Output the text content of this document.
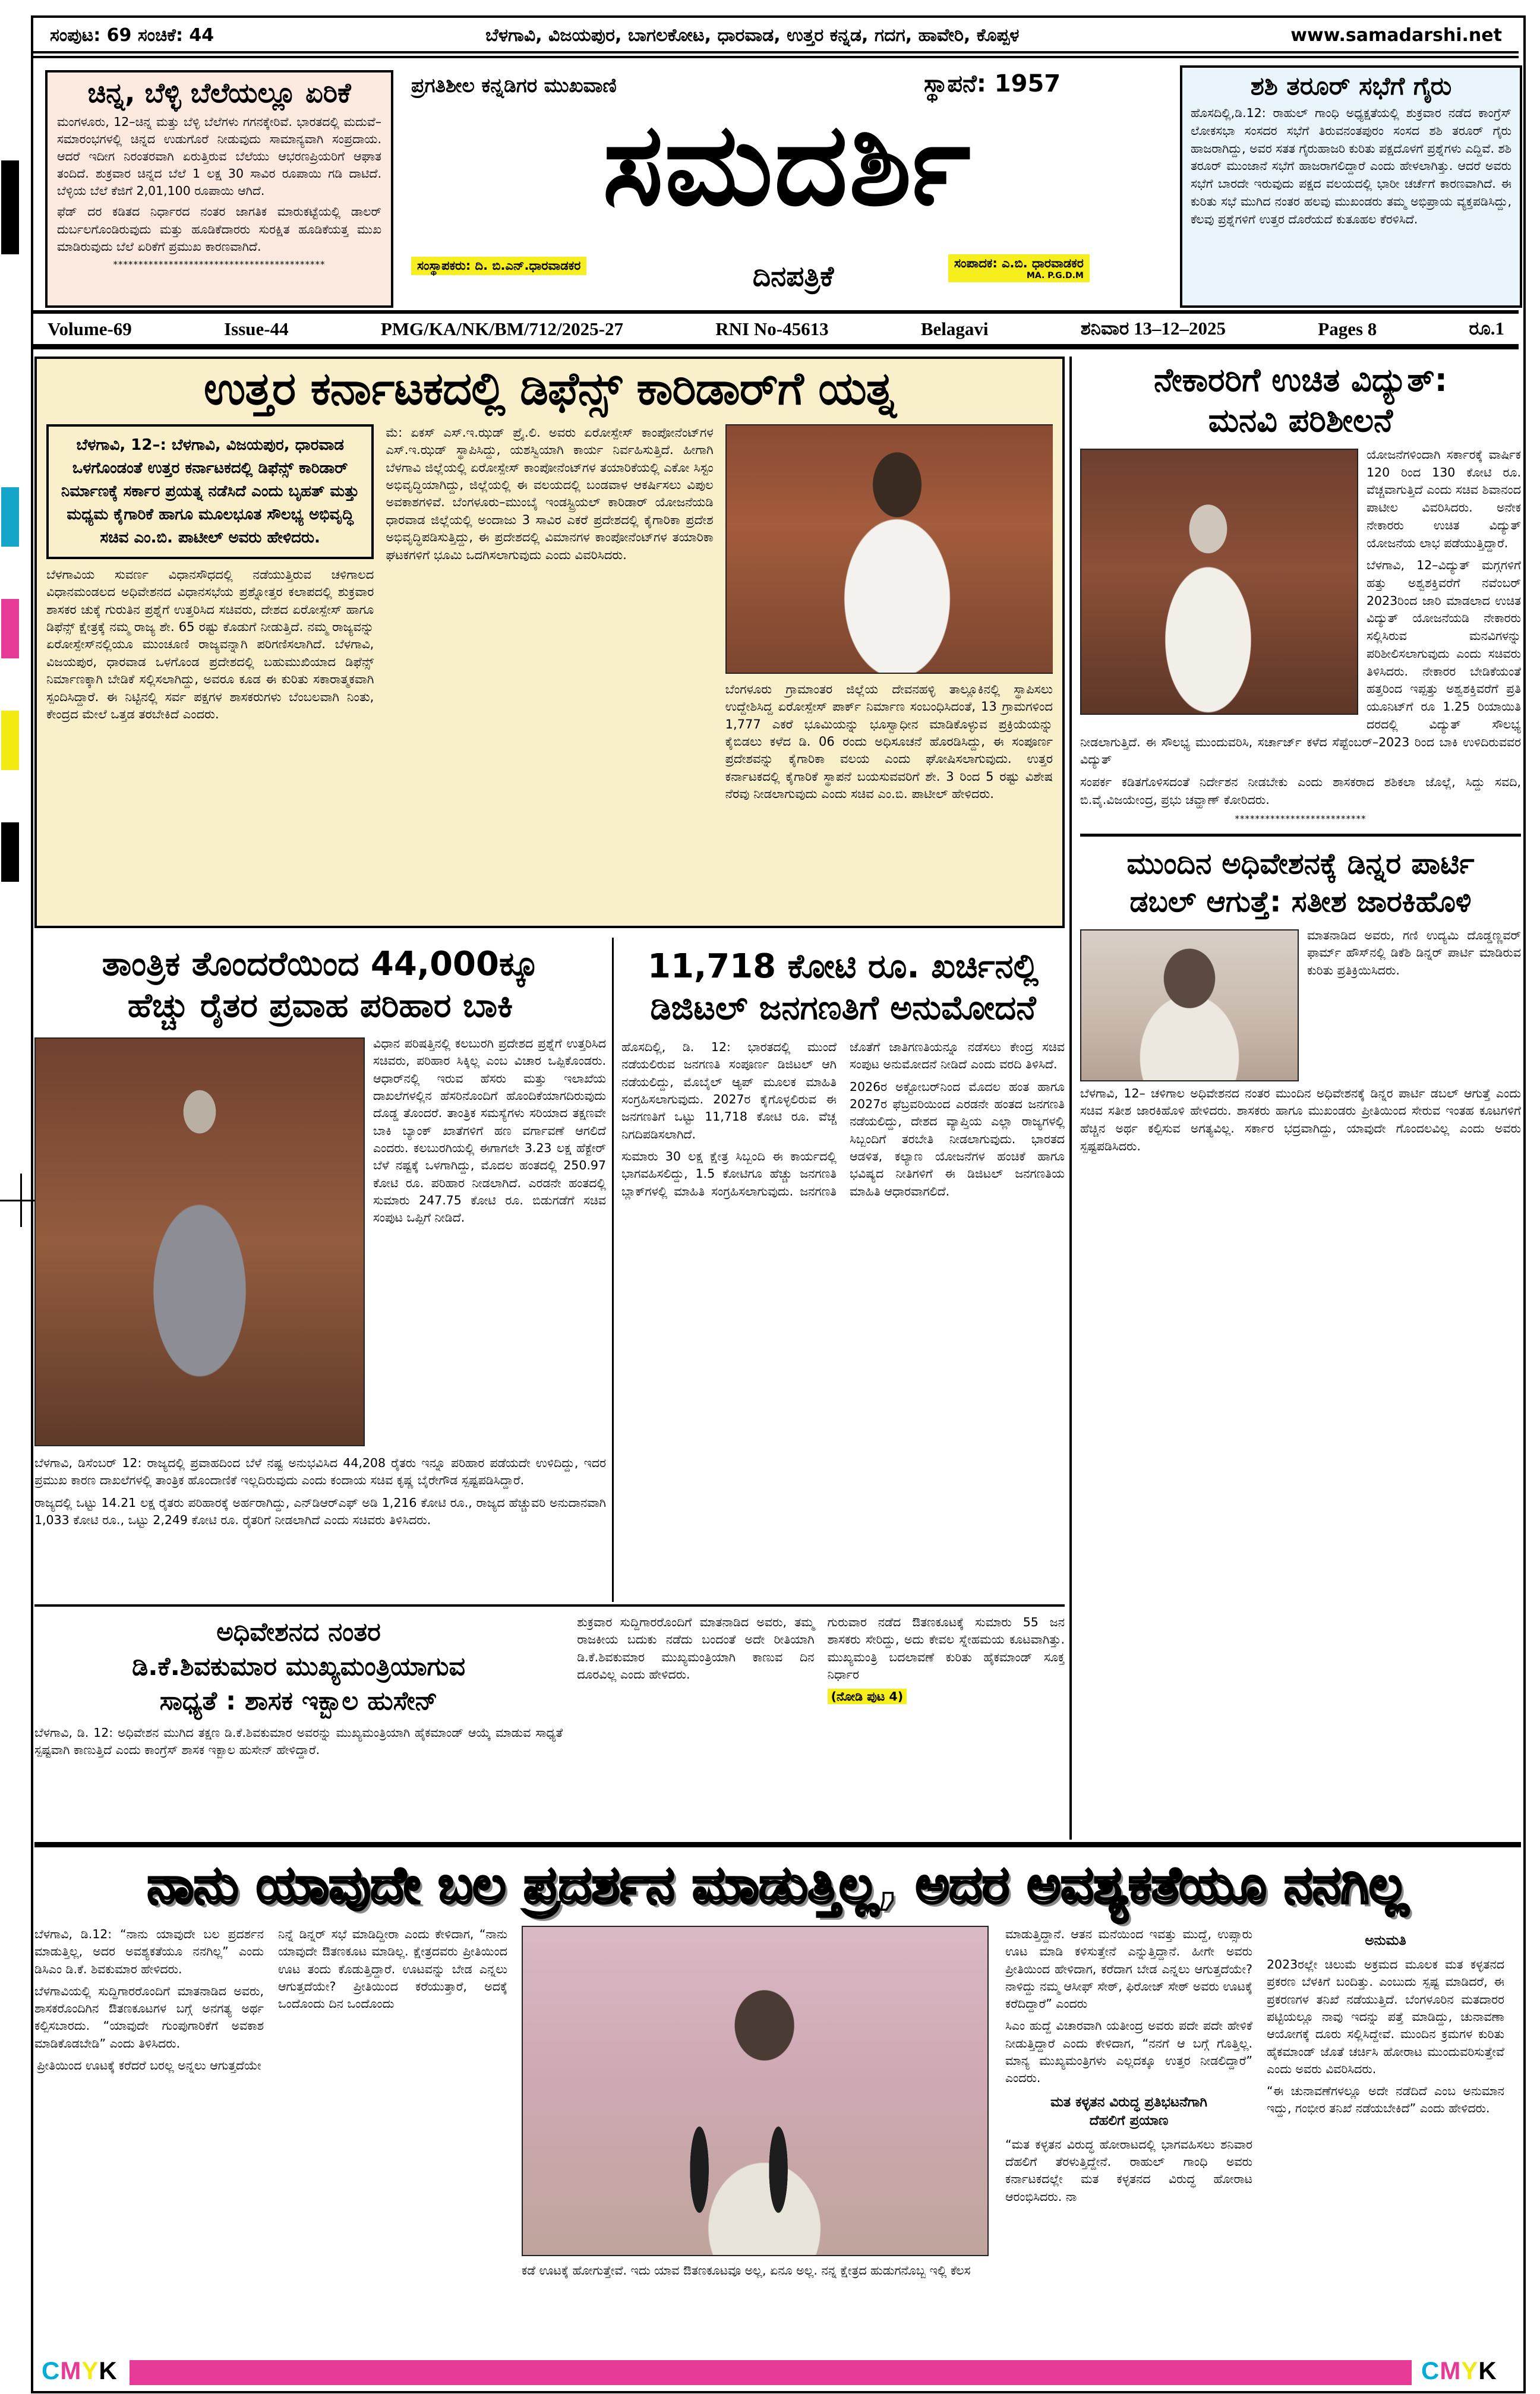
ಸಂಪುಟ: 69 ಸಂಚಿಕೆ: 44	ಬೆಳಗಾವಿ, ವಿಜಯಪುರ, ಬಾಗಲಕೋಟ, ಧಾರವಾಡ, ಉತ್ತರ ಕನ್ನಡ, ಗದಗ, ಹಾವೇರಿ, ಕೊಪ್ಪಳ	www.samadarshi.net
ಚಿನ್ನ, ಬೆಳ್ಳಿ ಬೆಲೆಯಲ್ಲೂ ಏರಿಕೆ

ಮಂಗಳೂರು, 12–ಚಿನ್ನ ಮತ್ತು ಬೆಳ್ಳಿ ಬೆಲೆಗಳು ಗಗನಕ್ಕೇರಿವೆ. ಭಾರತದಲ್ಲಿ ಮದುವೆ– ಸಮಾರಂಭಗಳಲ್ಲಿ ಚಿನ್ನದ ಉಡುಗೊರೆ ನೀಡುವುದು ಸಾಮಾನ್ಯವಾಗಿ ಸಂಪ್ರದಾಯ. ಆದರೆ ಇದೀಗ ನಿರಂತರವಾಗಿ ಏರುತ್ತಿರುವ ಬೆಲೆಯು ಆಭರಣಪ್ರಿಯರಿಗೆ ಆಘಾತ ತಂದಿದೆ. ಶುಕ್ರವಾರ ಚಿನ್ನದ ಬೆಲೆ 1 ಲಕ್ಷ 30 ಸಾವಿರ ರೂಪಾಯಿ ಗಡಿ ದಾಟಿದೆ. ಬೆಳ್ಳಿಯ ಬೆಲೆ ಕೆಜಿಗೆ 2,01,100 ರೂಪಾಯಿ ಆಗಿದೆ.

ಫೆಡ್ ದರ ಕಡಿತದ ನಿರ್ಧಾರದ ನಂತರ ಜಾಗತಿಕ ಮಾರುಕಟ್ಟೆಯಲ್ಲಿ ಡಾಲರ್ ದುರ್ಬಲಗೊಂಡಿರುವುದು ಮತ್ತು ಹೂಡಿಕೆದಾರರು ಸುರಕ್ಷಿತ ಹೂಡಿಕೆಯತ್ತ ಮುಖ ಮಾಡಿರುವುದು ಬೆಲೆ ಏರಿಕೆಗೆ ಪ್ರಮುಖ ಕಾರಣವಾಗಿದೆ.

******************************************
ಪ್ರಗತಿಶೀಲ ಕನ್ನಡಿಗರ ಮುಖವಾಣಿ	ಸ್ಥಾಪನೆ: 1957
ಸಮದರ್ಶಿ
ಸಂಸ್ಥಾಪಕರು: ದಿ. ಬಿ.ಎನ್.ಧಾರವಾಡಕರ	ದಿನಪತ್ರಿಕೆ	ಸಂಪಾದಕ: ಎ.ಬಿ. ಧಾರವಾಡಕರ
MA. P.G.D.M
ಶಶಿ ತರೂರ್ ಸಭೆಗೆ ಗೈರು

ಹೊಸದಿಲ್ಲಿ,ಡಿ.12: ರಾಹುಲ್ ಗಾಂಧಿ ಅಧ್ಯಕ್ಷತೆಯಲ್ಲಿ ಶುಕ್ರವಾರ ನಡೆದ ಕಾಂಗ್ರೆಸ್ ಲೋಕಸಭಾ ಸಂಸದರ ಸಭೆಗೆ ತಿರುವನಂತಪುರಂ ಸಂಸದ ಶಶಿ ತರೂರ್ ಗೈರು ಹಾಜರಾಗಿದ್ದು, ಅವರ ಸತತ ಗೈರುಹಾಜರಿ ಕುರಿತು ಪಕ್ಷದೊಳಗೆ ಪ್ರಶ್ನೆಗಳು ಎದ್ದಿವೆ. ಶಶಿ ತರೂರ್ ಮುಂಜಾನೆ ಸಭೆಗೆ ಹಾಜರಾಗಲಿದ್ದಾರೆ ಎಂದು ಹೇಳಲಾಗಿತ್ತು. ಆದರೆ ಅವರು ಸಭೆಗೆ ಬಾರದೇ ಇರುವುದು ಪಕ್ಷದ ವಲಯದಲ್ಲಿ ಭಾರೀ ಚರ್ಚೆಗೆ ಕಾರಣವಾಗಿದೆ. ಈ ಕುರಿತು ಸಭೆ ಮುಗಿದ ನಂತರ ಹಲವು ಮುಖಂಡರು ತಮ್ಮ ಅಭಿಪ್ರಾಯ ವ್ಯಕ್ತಪಡಿಸಿದ್ದು, ಕೆಲವು ಪ್ರಶ್ನೆಗಳಿಗೆ ಉತ್ತರ ದೊರೆಯದೆ ಕುತೂಹಲ ಕೆರಳಿಸಿದೆ.

Volume-69	Issue-44	PMG/KA/NK/BM/712/2025-27	RNI No-45613	Belagavi	ಶನಿವಾರ 13–12–2025	Pages 8	ರೂ.1
ಉತ್ತರ ಕರ್ನಾಟಕದಲ್ಲಿ ಡಿಫೆನ್ಸ್ ಕಾರಿಡಾರ್‌ಗೆ ಯತ್ನ
ಬೆಳಗಾವಿ, 12–: ಬೆಳಗಾವಿ, ವಿಜಯಪುರ, ಧಾರವಾಡ ಒಳಗೊಂಡಂತೆ ಉತ್ತರ ಕರ್ನಾಟಕದಲ್ಲಿ ಡಿಫೆನ್ಸ್ ಕಾರಿಡಾರ್ ನಿರ್ಮಾಣಕ್ಕೆ ಸರ್ಕಾರ ಪ್ರಯತ್ನ ನಡೆಸಿದೆ ಎಂದು ಬೃಹತ್ ಮತ್ತು ಮಧ್ಯಮ ಕೈಗಾರಿಕೆ ಹಾಗೂ ಮೂಲಭೂತ ಸೌಲಭ್ಯ ಅಭಿವೃದ್ಧಿ ಸಚಿವ ಎಂ.ಬಿ. ಪಾಟೀಲ್ ಅವರು ಹೇಳಿದರು.
ಬೆಳಗಾವಿಯ ಸುವರ್ಣ ವಿಧಾನಸೌಧದಲ್ಲಿ ನಡೆಯುತ್ತಿರುವ ಚಳಿಗಾಲದ ವಿಧಾನಮಂಡಲದ ಅಧಿವೇಶನದ ವಿಧಾನಸಭೆಯ ಪ್ರಶ್ನೋತ್ತರ ಕಲಾಪದಲ್ಲಿ ಶುಕ್ರವಾರ ಶಾಸಕರ ಚುಕ್ಕೆ ಗುರುತಿನ ಪ್ರಶ್ನೆಗೆ ಉತ್ತರಿಸಿದ ಸಚಿವರು, ದೇಶದ ಏರೋಸ್ಪೇಸ್ ಹಾಗೂ ಡಿಫೆನ್ಸ್ ಕ್ಷೇತ್ರಕ್ಕೆ ನಮ್ಮ ರಾಜ್ಯ ಶೇ. 65 ರಷ್ಟು ಕೊಡುಗೆ ನೀಡುತ್ತಿದೆ. ನಮ್ಮ ರಾಜ್ಯವನ್ನು ಏರೋಸ್ಪೇಸ್‌ನಲ್ಲಿಯೂ ಮುಂಚೂಣಿ ರಾಜ್ಯವನ್ನಾಗಿ ಪರಿಗಣಿಸಲಾಗಿದೆ. ಬೆಳಗಾವಿ, ವಿಜಯಪುರ, ಧಾರವಾಡ ಒಳಗೊಂಡ ಪ್ರದೇಶದಲ್ಲಿ ಬಹುಮುಖಿಯಾದ ಡಿಫೆನ್ಸ್ ನಿರ್ಮಾಣಕ್ಕಾಗಿ ಬೇಡಿಕೆ ಸಲ್ಲಿಸಲಾಗಿದ್ದು, ಅವರೂ ಕೂಡ ಈ ಕುರಿತು ಸಕಾರಾತ್ಮಕವಾಗಿ ಸ್ಪಂದಿಸಿದ್ದಾರೆ. ಈ ನಿಟ್ಟಿನಲ್ಲಿ ಸರ್ವ ಪಕ್ಷಗಳ ಶಾಸಕರುಗಳು ಬೆಂಬಲವಾಗಿ ನಿಂತು, ಕೇಂದ್ರದ ಮೇಲೆ ಒತ್ತಡ ತರಬೇಕಿದೆ ಎಂದರು.
ಮೆ: ಏಕಸ್ ಎಸ್.ಇ.ಝಡ್ ಪ್ರೈ.ಲಿ. ಅವರು ಏರೋಸ್ಪೇಸ್ ಕಾಂಪೋನೆಂಟ್‌ಗಳ ಎಸ್.ಇ.ಝಡ್ ಸ್ಥಾಪಿಸಿದ್ದು, ಯಶಸ್ವಿಯಾಗಿ ಕಾರ್ಯ ನಿರ್ವಹಿಸುತ್ತಿದೆ. ಹೀಗಾಗಿ ಬೆಳಗಾವಿ ಜಿಲ್ಲೆಯಲ್ಲಿ ಏರೋಸ್ಪೇಸ್ ಕಾಂಪೋನೆಂಟ್‌ಗಳ ತಯಾರಿಕೆಯಲ್ಲಿ ಎಕೋ ಸಿಸ್ಟಂ ಅಭಿವೃದ್ಧಿಯಾಗಿದ್ದು, ಜಿಲ್ಲೆಯಲ್ಲಿ ಈ ವಲಯದಲ್ಲಿ ಬಂಡವಾಳ ಆಕರ್ಷಿಸಲು ವಿಪುಲ ಅವಕಾಶಗಳಿವೆ. ಬೆಂಗಳೂರು–ಮುಂಬೈ ಇಂಡಸ್ಟ್ರಿಯಲ್ ಕಾರಿಡಾರ್ ಯೋಜನೆಯಡಿ ಧಾರವಾಡ ಜಿಲ್ಲೆಯಲ್ಲಿ ಅಂದಾಜು 3 ಸಾವಿರ ಎಕರೆ ಪ್ರದೇಶದಲ್ಲಿ ಕೈಗಾರಿಕಾ ಪ್ರದೇಶ ಅಭಿವೃದ್ಧಿಪಡಿಸುತ್ತಿದ್ದು, ಈ ಪ್ರದೇಶದಲ್ಲಿ ವಿಮಾನಗಳ ಕಾಂಪೋನೆಂಟ್‌ಗಳ ತಯಾರಿಕಾ ಘಟಕಗಳಿಗೆ ಭೂಮಿ ಒದಗಿಸಲಾಗುವುದು ಎಂದು ವಿವರಿಸಿದರು.
ಬೆಂಗಳೂರು ಗ್ರಾಮಾಂತರ ಜಿಲ್ಲೆಯ ದೇವನಹಳ್ಳಿ ತಾಲ್ಲೂಕಿನಲ್ಲಿ ಸ್ಥಾಪಿಸಲು ಉದ್ದೇಶಿಸಿದ್ದ ಏರೋಸ್ಪೇಸ್ ಪಾರ್ಕ್ ನಿರ್ಮಾಣ ಸಂಬಂಧಿಸಿದಂತೆ, 13 ಗ್ರಾಮಗಳಿಂದ 1,777 ಎಕರೆ ಭೂಮಿಯನ್ನು ಭೂಸ್ವಾಧೀನ ಮಾಡಿಕೊಳ್ಳುವ ಪ್ರಕ್ರಿಯೆಯನ್ನು ಕೈಬಿಡಲು ಕಳೆದ ಡಿ. 06 ರಂದು ಅಧಿಸೂಚನೆ ಹೊರಡಿಸಿದ್ದು, ಈ ಸಂಪೂರ್ಣ ಪ್ರದೇಶವನ್ನು ಕೈಗಾರಿಕಾ ವಲಯ ಎಂದು ಘೋಷಿಸಲಾಗುವುದು. ಉತ್ತರ ಕರ್ನಾಟಕದಲ್ಲಿ ಕೈಗಾರಿಕೆ ಸ್ಥಾಪನೆ ಬಯಸುವವರಿಗೆ ಶೇ. 3 ರಿಂದ 5 ರಷ್ಟು ವಿಶೇಷ ನೆರವು ನೀಡಲಾಗುವುದು ಎಂದು ಸಚಿವ ಎಂ.ಬಿ. ಪಾಟೀಲ್ ಹೇಳಿದರು.
ನೇಕಾರರಿಗೆ ಉಚಿತ ವಿದ್ಯುತ್:
ಮನವಿ ಪರಿಶೀಲನೆ

ಯೋಜನೆಗಳಿಂದಾಗಿ ಸರ್ಕಾರಕ್ಕೆ ವಾರ್ಷಿಕ 120 ರಿಂದ 130 ಕೋಟಿ ರೂ. ವೆಚ್ಚವಾಗುತ್ತಿದೆ ಎಂದು ಸಚಿವ ಶಿವಾನಂದ ಪಾಟೀಲ ವಿವರಿಸಿದರು. ಅನೇಕ ನೇಕಾರರು ಉಚಿತ ವಿದ್ಯುತ್ ಯೋಜನೆಯ ಲಾಭ ಪಡೆಯುತ್ತಿದ್ದಾರೆ.

ಬೆಳಗಾವಿ, 12–ವಿದ್ಯುತ್ ಮಗ್ಗಗಳಿಗೆ ಹತ್ತು ಅಶ್ವಶಕ್ತಿವರೆಗೆ ನವೆಂಬರ್ 2023ರಿಂದ ಜಾರಿ ಮಾಡಲಾದ ಉಚಿತ ವಿದ್ಯುತ್ ಯೋಜನೆಯಡಿ ನೇಕಾರರು ಸಲ್ಲಿಸಿರುವ ಮನವಿಗಳನ್ನು ಪರಿಶೀಲಿಸಲಾಗುವುದು ಎಂದು ಸಚಿವರು ತಿಳಿಸಿದರು. ನೇಕಾರರ ಬೇಡಿಕೆಯಂತೆ ಹತ್ತರಿಂದ ಇಪ್ಪತ್ತು ಅಶ್ವಶಕ್ತಿವರೆಗೆ ಪ್ರತಿ ಯೂನಿಟ್‌ಗೆ ರೂ 1.25 ರಿಯಾಯಿತಿ ದರದಲ್ಲಿ ವಿದ್ಯುತ್ ಸೌಲಭ್ಯ ನೀಡಲಾಗುತ್ತಿದೆ. ಈ ಸೌಲಭ್ಯ ಮುಂದುವರಿಸಿ, ಸರ್ಚಾರ್ಜ್ ಕಳೆದ ಸೆಪ್ಟೆಂಬರ್–2023 ರಿಂದ ಬಾಕಿ ಉಳಿದಿರುವವರ ವಿದ್ಯುತ್

ಸಂಪರ್ಕ ಕಡಿತಗೊಳಿಸದಂತೆ ನಿರ್ದೇಶನ ನೀಡಬೇಕು ಎಂದು ಶಾಸಕರಾದ ಶಶಿಕಲಾ ಜೊಲ್ಲೆ, ಸಿದ್ದು ಸವದಿ, ಬಿ.ವೈ.ವಿಜಯೇಂದ್ರ, ಪ್ರಭು ಚವ್ಹಾಣ್ ಕೋರಿದರು.

**************************
ಮುಂದಿನ ಅಧಿವೇಶನಕ್ಕೆ ಡಿನ್ನರ ಪಾರ್ಟಿ
ಡಬಲ್ ಆಗುತ್ತೆ: ಸತೀಶ ಜಾರಕಿಹೊಳಿ

ಮಾತನಾಡಿದ ಅವರು, ಗಣಿ ಉದ್ಯಮಿ ದೊಡ್ಡಣ್ಣವರ್ ಫಾರ್ಮ್ ಹೌಸ್‌ನಲ್ಲಿ ಡಿಕೆಶಿ ಡಿನ್ನರ್ ಪಾರ್ಟಿ ಮಾಡಿರುವ ಕುರಿತು ಪ್ರತಿಕ್ರಿಯಿಸಿದರು.

ಬೆಳಗಾವಿ, 12– ಚಳಿಗಾಲ ಅಧಿವೇಶನದ ನಂತರ ಮುಂದಿನ ಅಧಿವೇಶನಕ್ಕೆ ಡಿನ್ನರ ಪಾರ್ಟಿ ಡಬಲ್ ಆಗುತ್ತೆ ಎಂದು ಸಚಿವ ಸತೀಶ ಜಾರಕಿಹೊಳಿ ಹೇಳಿದರು. ಶಾಸಕರು ಹಾಗೂ ಮುಖಂಡರು ಪ್ರೀತಿಯಿಂದ ಸೇರುವ ಇಂತಹ ಕೂಟಗಳಿಗೆ ಹೆಚ್ಚಿನ ಅರ್ಥ ಕಲ್ಪಿಸುವ ಅಗತ್ಯವಿಲ್ಲ. ಸರ್ಕಾರ ಭದ್ರವಾಗಿದ್ದು, ಯಾವುದೇ ಗೊಂದಲವಿಲ್ಲ ಎಂದು ಅವರು ಸ್ಪಷ್ಟಪಡಿಸಿದರು.

ತಾಂತ್ರಿಕ ತೊಂದರೆಯಿಂದ 44,000ಕ್ಕೂ
ಹೆಚ್ಚು ರೈತರ ಪ್ರವಾಹ ಪರಿಹಾರ ಬಾಕಿ

ವಿಧಾನ ಪರಿಷತ್ತಿನಲ್ಲಿ ಕಲಬುರಗಿ ಪ್ರದೇಶದ ಪ್ರಶ್ನೆಗೆ ಉತ್ತರಿಸಿದ ಸಚಿವರು, ಪರಿಹಾರ ಸಿಕ್ಕಿಲ್ಲ ಎಂಬ ವಿಚಾರ ಒಪ್ಪಿಕೊಂಡರು. ಆಧಾರ್‌ನಲ್ಲಿ ಇರುವ ಹೆಸರು ಮತ್ತು ಇಲಾಖೆಯ ದಾಖಲೆಗಳಲ್ಲಿನ ಹೆಸರಿನೊಂದಿಗೆ ಹೊಂದಿಕೆಯಾಗದಿರುವುದು ದೊಡ್ಡ ತೊಂದರೆ. ತಾಂತ್ರಿಕ ಸಮಸ್ಯೆಗಳು ಸರಿಯಾದ ತಕ್ಷಣವೇ ಬಾಕಿ ಬ್ಯಾಂಕ್ ಖಾತೆಗಳಿಗೆ ಹಣ ವರ್ಗಾವಣೆ ಆಗಲಿದೆ ಎಂದರು. ಕಲಬುರಗಿಯಲ್ಲಿ ಈಗಾಗಲೇ 3.23 ಲಕ್ಷ ಹೆಕ್ಟೇರ್ ಬೆಳೆ ನಷ್ಟಕ್ಕೆ ಒಳಗಾಗಿದ್ದು, ಮೊದಲ ಹಂತದಲ್ಲಿ 250.97 ಕೋಟಿ ರೂ. ಪರಿಹಾರ ನೀಡಲಾಗಿದೆ. ಎರಡನೇ ಹಂತದಲ್ಲಿ ಸುಮಾರು 247.75 ಕೋಟಿ ರೂ. ಬಿಡುಗಡೆಗೆ ಸಚಿವ ಸಂಪುಟ ಒಪ್ಪಿಗೆ ನೀಡಿದೆ.

ಬೆಳಗಾವಿ, ಡಿಸೆಂಬರ್ 12: ರಾಜ್ಯದಲ್ಲಿ ಪ್ರವಾಹದಿಂದ ಬೆಳೆ ನಷ್ಟ ಅನುಭವಿಸಿದ 44,208 ರೈತರು ಇನ್ನೂ ಪರಿಹಾರ ಪಡೆಯದೇ ಉಳಿದಿದ್ದು, ಇದರ ಪ್ರಮುಖ ಕಾರಣ ದಾಖಲೆಗಳಲ್ಲಿ ತಾಂತ್ರಿಕ ಹೊಂದಾಣಿಕೆ ಇಲ್ಲದಿರುವುದು ಎಂದು ಕಂದಾಯ ಸಚಿವ ಕೃಷ್ಣ ಬೈರೇಗೌಡ ಸ್ಪಷ್ಟಪಡಿಸಿದ್ದಾರೆ.

ರಾಜ್ಯದಲ್ಲಿ ಒಟ್ಟು 14.21 ಲಕ್ಷ ರೈತರು ಪರಿಹಾರಕ್ಕೆ ಅರ್ಹರಾಗಿದ್ದು, ಎನ್‌ಡಿಆರ್‌ಎಫ್ ಅಡಿ 1,216 ಕೋಟಿ ರೂ., ರಾಜ್ಯದ ಹೆಚ್ಚುವರಿ ಅನುದಾನವಾಗಿ 1,033 ಕೋಟಿ ರೂ., ಒಟ್ಟು 2,249 ಕೋಟಿ ರೂ. ರೈತರಿಗೆ ನೀಡಲಾಗಿದೆ ಎಂದು ಸಚಿವರು ತಿಳಿಸಿದರು.

11,718 ಕೋಟಿ ರೂ. ಖರ್ಚಿನಲ್ಲಿ
ಡಿಜಿಟಲ್ ಜನಗಣತಿಗೆ ಅನುಮೋದನೆ

ಹೊಸದಿಲ್ಲಿ, ಡಿ. 12: ಭಾರತದಲ್ಲಿ ಮುಂದೆ ನಡೆಯಲಿರುವ ಜನಗಣತಿ ಸಂಪೂರ್ಣ ಡಿಜಿಟಲ್ ಆಗಿ ನಡೆಯಲಿದ್ದು, ಮೊಬೈಲ್ ಆ್ಯಪ್ ಮೂಲಕ ಮಾಹಿತಿ ಸಂಗ್ರಹಿಸಲಾಗುವುದು. 2027ರ ಕೈಗೊಳ್ಳಲಿರುವ ಈ ಜನಗಣತಿಗೆ ಒಟ್ಟು 11,718 ಕೋಟಿ ರೂ. ವೆಚ್ಚ ನಿಗದಿಪಡಿಸಲಾಗಿದೆ.

ಸುಮಾರು 30 ಲಕ್ಷ ಕ್ಷೇತ್ರ ಸಿಬ್ಬಂದಿ ಈ ಕಾರ್ಯದಲ್ಲಿ ಭಾಗವಹಿಸಲಿದ್ದು, 1.5 ಕೋಟಿಗೂ ಹೆಚ್ಚು ಜನಗಣತಿ ಬ್ಲಾಕ್‌ಗಳಲ್ಲಿ ಮಾಹಿತಿ ಸಂಗ್ರಹಿಸಲಾಗುವುದು. ಜನಗಣತಿ ಜೊತೆಗೆ ಜಾತಿಗಣತಿಯನ್ನೂ ನಡೆಸಲು ಕೇಂದ್ರ ಸಚಿವ ಸಂಪುಟ ಅನುಮೋದನೆ ನೀಡಿದೆ ಎಂದು ವರದಿ ತಿಳಿಸಿದೆ.

2026ರ ಅಕ್ಟೋಬರ್‌ನಿಂದ ಮೊದಲ ಹಂತ ಹಾಗೂ 2027ರ ಫೆಬ್ರವರಿಯಿಂದ ಎರಡನೇ ಹಂತದ ಜನಗಣತಿ ನಡೆಯಲಿದ್ದು, ದೇಶದ ವ್ಯಾಪ್ತಿಯ ಎಲ್ಲಾ ರಾಜ್ಯಗಳಲ್ಲಿ ಸಿಬ್ಬಂದಿಗೆ ತರಬೇತಿ ನೀಡಲಾಗುವುದು. ಭಾರತದ ಆಡಳಿತ, ಕಲ್ಯಾಣ ಯೋಜನೆಗಳ ಹಂಚಿಕೆ ಹಾಗೂ ಭವಿಷ್ಯದ ನೀತಿಗಳಿಗೆ ಈ ಡಿಜಿಟಲ್ ಜನಗಣತಿಯ ಮಾಹಿತಿ ಆಧಾರವಾಗಲಿದೆ.

ಅಧಿವೇಶನದ ನಂತರ
ಡಿ.ಕೆ.ಶಿವಕುಮಾರ ಮುಖ್ಯಮಂತ್ರಿಯಾಗುವ
ಸಾಧ್ಯತೆ : ಶಾಸಕ ಇಕ್ಬಾಲ ಹುಸೇನ್

ಬೆಳಗಾವಿ, ಡಿ. 12: ಅಧಿವೇಶನ ಮುಗಿದ ತಕ್ಷಣ ಡಿ.ಕೆ.ಶಿವಕುಮಾರ ಅವರನ್ನು ಮುಖ್ಯಮಂತ್ರಿಯಾಗಿ ಹೈಕಮಾಂಡ್ ಆಯ್ಕೆ ಮಾಡುವ ಸಾಧ್ಯತೆ ಸ್ಪಷ್ಟವಾಗಿ ಕಾಣುತ್ತಿದೆ ಎಂದು ಕಾಂಗ್ರೆಸ್ ಶಾಸಕ ಇಕ್ಬಾಲ ಹುಸೇನ್ ಹೇಳಿದ್ದಾರೆ.

ಶುಕ್ರವಾರ ಸುದ್ದಿಗಾರರೊಂದಿಗೆ ಮಾತನಾಡಿದ ಅವರು, ತಮ್ಮ ರಾಜಕೀಯ ಬದುಕು ನಡೆದು ಬಂದಂತೆ ಅದೇ ರೀತಿಯಾಗಿ ಡಿ.ಕೆ.ಶಿವಕುಮಾರ ಮುಖ್ಯಮಂತ್ರಿಯಾಗಿ ಕಾಣುವ ದಿನ ದೂರವಿಲ್ಲ ಎಂದು ಹೇಳಿದರು.

ಗುರುವಾರ ನಡೆದ ಔತಣಕೂಟಕ್ಕೆ ಸುಮಾರು 55 ಜನ ಶಾಸಕರು ಸೇರಿದ್ದು, ಅದು ಕೇವಲ ಸ್ನೇಹಮಯ ಕೂಟವಾಗಿತ್ತು. ಮುಖ್ಯಮಂತ್ರಿ ಬದಲಾವಣೆ ಕುರಿತು ಹೈಕಮಾಂಡ್ ಸೂಕ್ತ ನಿರ್ಧಾರ

(ನೋಡಿ ಪುಟ 4)

ನಾನು ಯಾವುದೇ ಬಲ ಪ್ರದರ್ಶನ ಮಾಡುತ್ತಿಲ್ಲ, ಅದರ ಅವಶ್ಯಕತೆಯೂ ನನಗಿಲ್ಲ

ಬೆಳಗಾವಿ, ಡಿ.12: “ನಾನು ಯಾವುದೇ ಬಲ ಪ್ರದರ್ಶನ ಮಾಡುತ್ತಿಲ್ಲ, ಅದರ ಅವಶ್ಯಕತೆಯೂ ನನಗಿಲ್ಲ” ಎಂದು ಡಿಸಿಎಂ ಡಿ.ಕೆ. ಶಿವಕುಮಾರ ಹೇಳಿದರು.

ಬೆಳಗಾವಿಯಲ್ಲಿ ಸುದ್ದಿಗಾರರೊಂದಿಗೆ ಮಾತನಾಡಿದ ಅವರು, ಶಾಸಕರೊಂದಿಗಿನ ಔತಣಕೂಟಗಳ ಬಗ್ಗೆ ಅನಗತ್ಯ ಅರ್ಥ ಕಲ್ಪಿಸಬಾರದು. “ಯಾವುದೇ ಗುಂಪುಗಾರಿಕೆಗೆ ಅವಕಾಶ ಮಾಡಿಕೊಡಬೇಡಿ” ಎಂದು ತಿಳಿಸಿದರು.

ಪ್ರೀತಿಯಿಂದ ಊಟಕ್ಕೆ ಕರೆದರೆ ಬರಲ್ಲ ಅನ್ನಲು ಆಗುತ್ತದೆಯೇ

ನಿನ್ನೆ ಡಿನ್ನರ್ ಸಭೆ ಮಾಡಿದ್ದೀರಾ ಎಂದು ಕೇಳಿದಾಗ, “ನಾನು ಯಾವುದೇ ಔತಣಕೂಟ ಮಾಡಿಲ್ಲ. ಕ್ಷೇತ್ರದವರು ಪ್ರೀತಿಯಿಂದ ಊಟ ತಂದು ಕೊಡುತ್ತಿದ್ದಾರೆ. ಊಟವನ್ನು ಬೇಡ ಎನ್ನಲು ಆಗುತ್ತದೆಯೇ? ಪ್ರೀತಿಯಿಂದ ಕರೆಯುತ್ತಾರೆ, ಅದಕ್ಕೆ ಒಂದೊಂದು ದಿನ ಒಂದೊಂದು

ಕಡೆ ಊಟಕ್ಕೆ ಹೋಗುತ್ತೇವೆ. ಇದು ಯಾವ ಔತಣಕೂಟವೂ ಅಲ್ಲ, ಏನೂ ಅಲ್ಲ. ನನ್ನ ಕ್ಷೇತ್ರದ ಹುಡುಗನೊಬ್ಬ ಇಲ್ಲಿ ಕೆಲಸ

ಮಾಡುತ್ತಿದ್ದಾನೆ. ಆತನ ಮನೆಯಿಂದ ಇವತ್ತು ಮುದ್ದೆ, ಉಪ್ಸಾರು ಊಟ ಮಾಡಿ ಕಳಿಸುತ್ತೇನೆ ಎನ್ನುತ್ತಿದ್ದಾನೆ. ಹೀಗೇ ಅವರು ಪ್ರೀತಿಯಿಂದ ಹೇಳಿದಾಗ, ಕರೆದಾಗ ಬೇಡ ಎನ್ನಲು ಆಗುತ್ತದೆಯೇ? ನಾಳಿದ್ದು ನಮ್ಮ ಆಸೀಫ್ ಸೇಠ್, ಫಿರೋಜ್ ಸೇಠ್ ಅವರು ಊಟಕ್ಕೆ ಕರೆದಿದ್ದಾರೆ” ಎಂದರು

ಸಿಎಂ ಹುದ್ದೆ ವಿಚಾರವಾಗಿ ಯತೀಂದ್ರ ಅವರು ಪದೇ ಪದೇ ಹೇಳಿಕೆ ನೀಡುತ್ತಿದ್ದಾರೆ ಎಂದು ಕೇಳಿದಾಗ, “ನನಗೆ ಆ ಬಗ್ಗೆ ಗೊತ್ತಿಲ್ಲ. ಮಾನ್ಯ ಮುಖ್ಯಮಂತ್ರಿಗಳು ಎಲ್ಲದಕ್ಕೂ ಉತ್ತರ ನೀಡಲಿದ್ದಾರೆ” ಎಂದರು.

ಮತ ಕಳ್ಳತನ ವಿರುದ್ಧ ಪ್ರತಿಭಟನೆಗಾಗಿ
ದೆಹಲಿಗೆ ಪ್ರಯಾಣ

“ಮತ ಕಳ್ಳತನ ವಿರುದ್ಧ ಹೋರಾಟದಲ್ಲಿ ಭಾಗವಹಿಸಲು ಶನಿವಾರ ದೆಹಲಿಗೆ ತೆರಳುತ್ತಿದ್ದೇನೆ. ರಾಹುಲ್ ಗಾಂಧಿ ಅವರು ಕರ್ನಾಟಕದಲ್ಲೇ ಮತ ಕಳ್ಳತನದ ವಿರುದ್ಧ ಹೋರಾಟ ಆರಂಭಿಸಿದರು. ನಾ

ಅನುಮತಿ

2023ರಲ್ಲೇ ಚಿಲುಮೆ ಅಕ್ರಮದ ಮೂಲಕ ಮತ ಕಳ್ಳತನದ ಪ್ರಕರಣ ಬೆಳಕಿಗೆ ಬಂದಿತ್ತು. ಎಂಬುದು ಸ್ಪಷ್ಟ ಮಾಡಿದರೆ, ಈ ಪ್ರಕರಣಗಳ ತನಿಖೆ ನಡೆಯುತ್ತಿದೆ. ಬೆಂಗಳೂರಿನ ಮತದಾರರ ಪಟ್ಟಿಯಲ್ಲೂ ನಾವು ಇದನ್ನು ಪತ್ತೆ ಮಾಡಿದ್ದು, ಚುನಾವಣಾ ಆಯೋಗಕ್ಕೆ ದೂರು ಸಲ್ಲಿಸಿದ್ದೇವೆ. ಮುಂದಿನ ಕ್ರಮಗಳ ಕುರಿತು ಹೈಕಮಾಂಡ್ ಜೊತೆ ಚರ್ಚಿಸಿ ಹೋರಾಟ ಮುಂದುವರಿಸುತ್ತೇವೆ ಎಂದು ಅವರು ವಿವರಿಸಿದರು.

“ಈ ಚುನಾವಣೆಗಳಲ್ಲೂ ಅದೇ ನಡೆದಿದೆ ಎಂಬ ಅನುಮಾನ ಇದ್ದು, ಗಂಭೀರ ತನಿಖೆ ನಡೆಯಬೇಕಿದೆ” ಎಂದು ಹೇಳಿದರು.

CMYK	CMYK
